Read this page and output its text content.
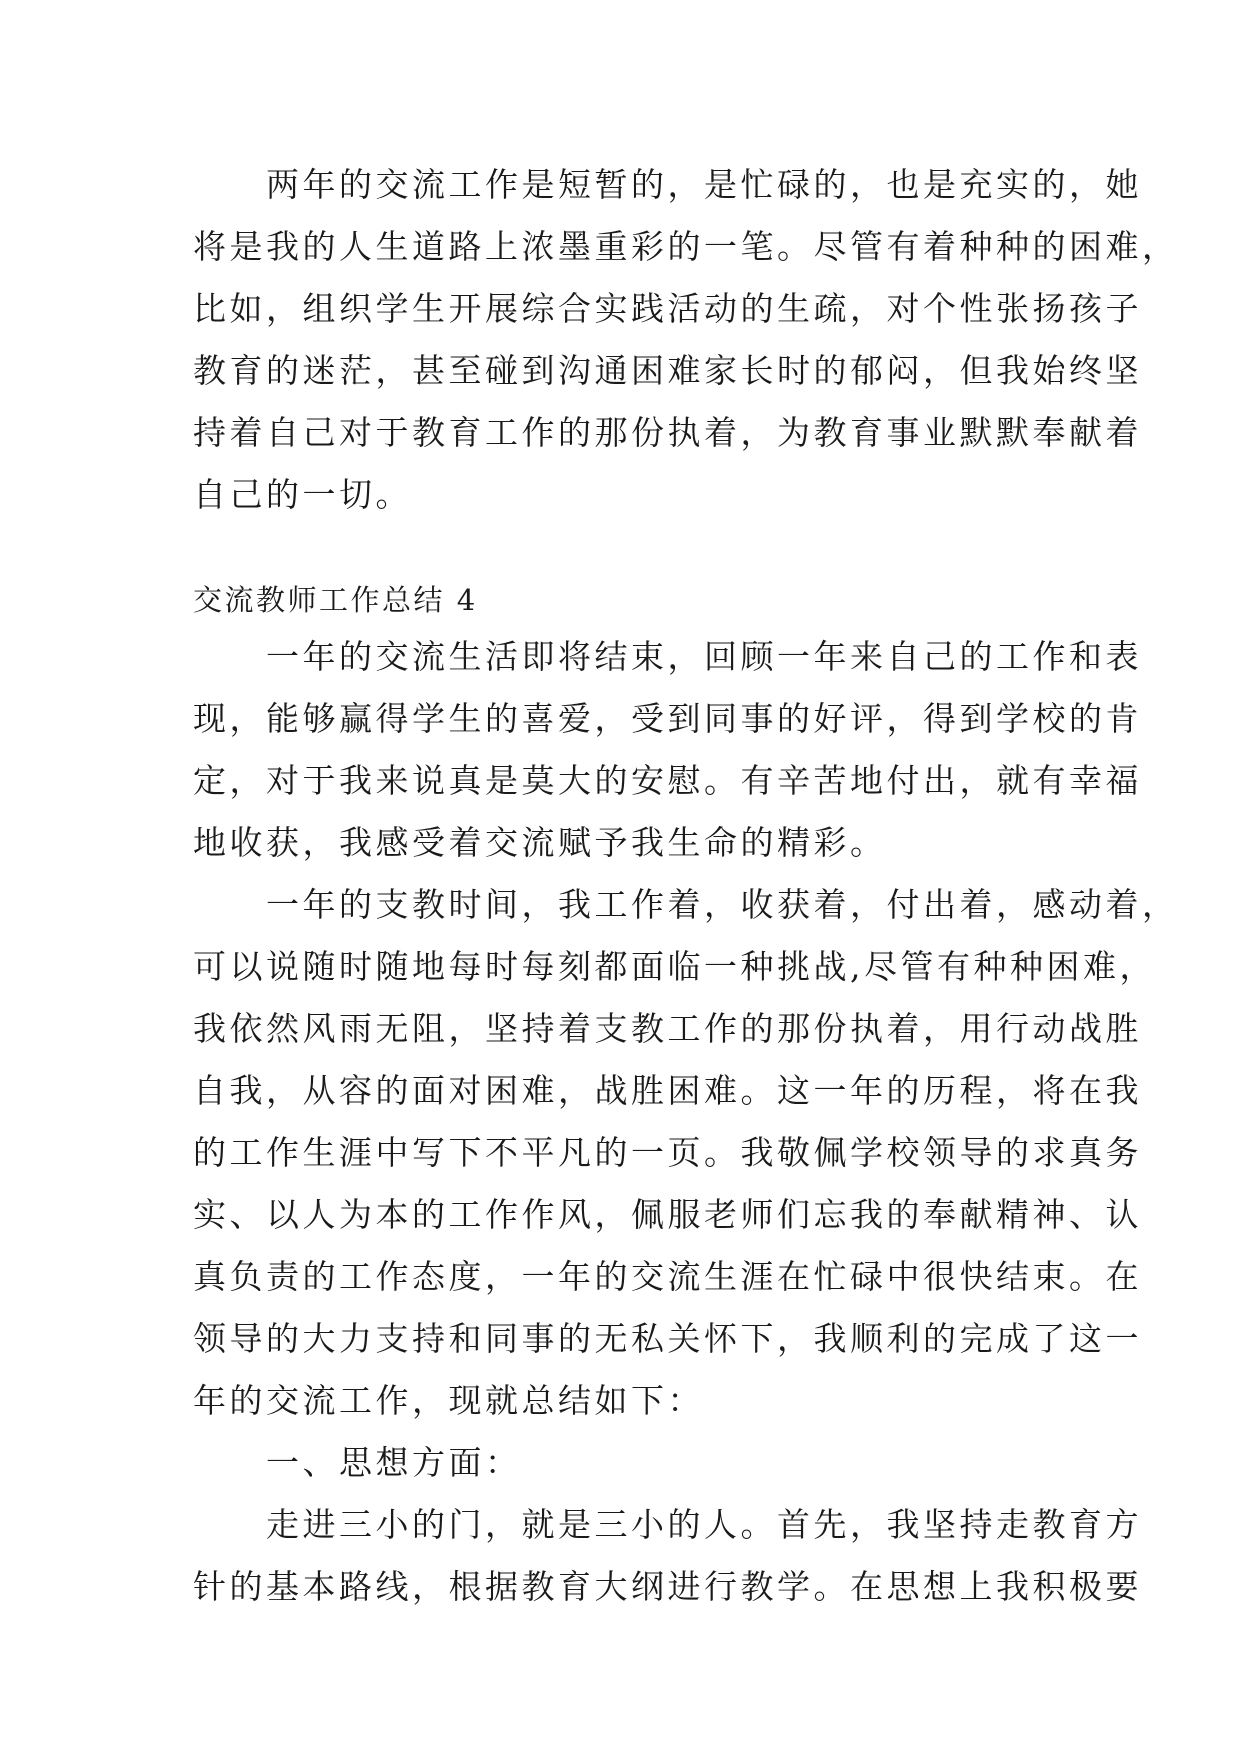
　　两年的交流工作是短暂的，是忙碌的，也是充实的，她
将是我的人生道路上浓墨重彩的一笔。尽管有着种种的困难，
比如，组织学生开展综合实践活动的生疏，对个性张扬孩子
教育的迷茫，甚至碰到沟通困难家长时的郁闷，但我始终坚
持着自己对于教育工作的那份执着，为教育事业默默奉献着
自己的一切。
交流教师工作总结 4
　　一年的交流生活即将结束，回顾一年来自己的工作和表
现，能够赢得学生的喜爱，受到同事的好评，得到学校的肯
定，对于我来说真是莫大的安慰。有辛苦地付出，就有幸福
地收获，我感受着交流赋予我生命的精彩。
　　一年的支教时间，我工作着，收获着，付出着，感动着，
可以说随时随地每时每刻都面临一种挑战,尽管有种种困难，
我依然风雨无阻，坚持着支教工作的那份执着，用行动战胜
自我，从容的面对困难，战胜困难。这一年的历程，将在我
的工作生涯中写下不平凡的一页。我敬佩学校领导的求真务
实、以人为本的工作作风，佩服老师们忘我的奉献精神、认
真负责的工作态度，一年的交流生涯在忙碌中很快结束。在
领导的大力支持和同事的无私关怀下，我顺利的完成了这一
年的交流工作，现就总结如下：
　　一、思想方面：
　　走进三小的门，就是三小的人。首先，我坚持走教育方
针的基本路线，根据教育大纲进行教学。在思想上我积极要
